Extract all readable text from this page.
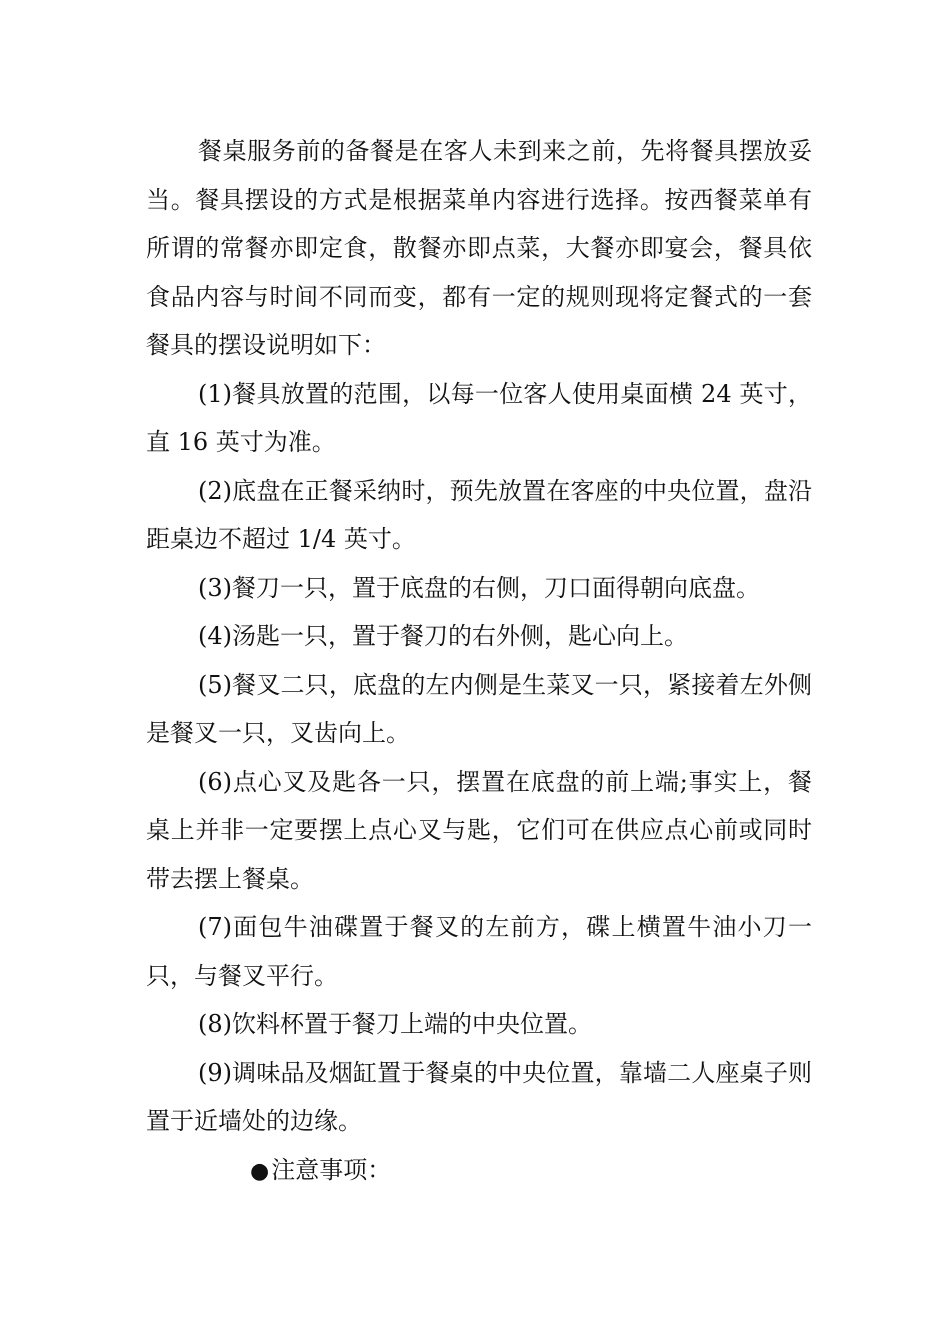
餐桌服务前的备餐是在客人未到来之前，先将餐具摆放妥当。餐具摆设的方式是根据菜单内容进行选择。按西餐菜单有所谓的常餐亦即定食，散餐亦即点菜，大餐亦即宴会，餐具依食品内容与时间不同而变，都有一定的规则现将定餐式的一套餐具的摆设说明如下：

(1)餐具放置的范围，以每一位客人使用桌面横 24 英寸，直 16 英寸为准。

(2)底盘在正餐采纳时，预先放置在客座的中央位置，盘沿距桌边不超过 1/4 英寸。

(3)餐刀一只，置于底盘的右侧，刀口面得朝向底盘。

(4)汤匙一只，置于餐刀的右外侧，匙心向上。

(5)餐叉二只，底盘的左内侧是生菜叉一只，紧接着左外侧是餐叉一只，叉齿向上。

(6)点心叉及匙各一只，摆置在底盘的前上端;事实上，餐桌上并非一定要摆上点心叉与匙，它们可在供应点心前或同时带去摆上餐桌。

(7)面包牛油碟置于餐叉的左前方，碟上横置牛油小刀一只，与餐叉平行。

(8)饮料杯置于餐刀上端的中央位置。

(9)调味品及烟缸置于餐桌的中央位置，靠墙二人座桌子则置于近墙处的边缘。

●注意事项：
